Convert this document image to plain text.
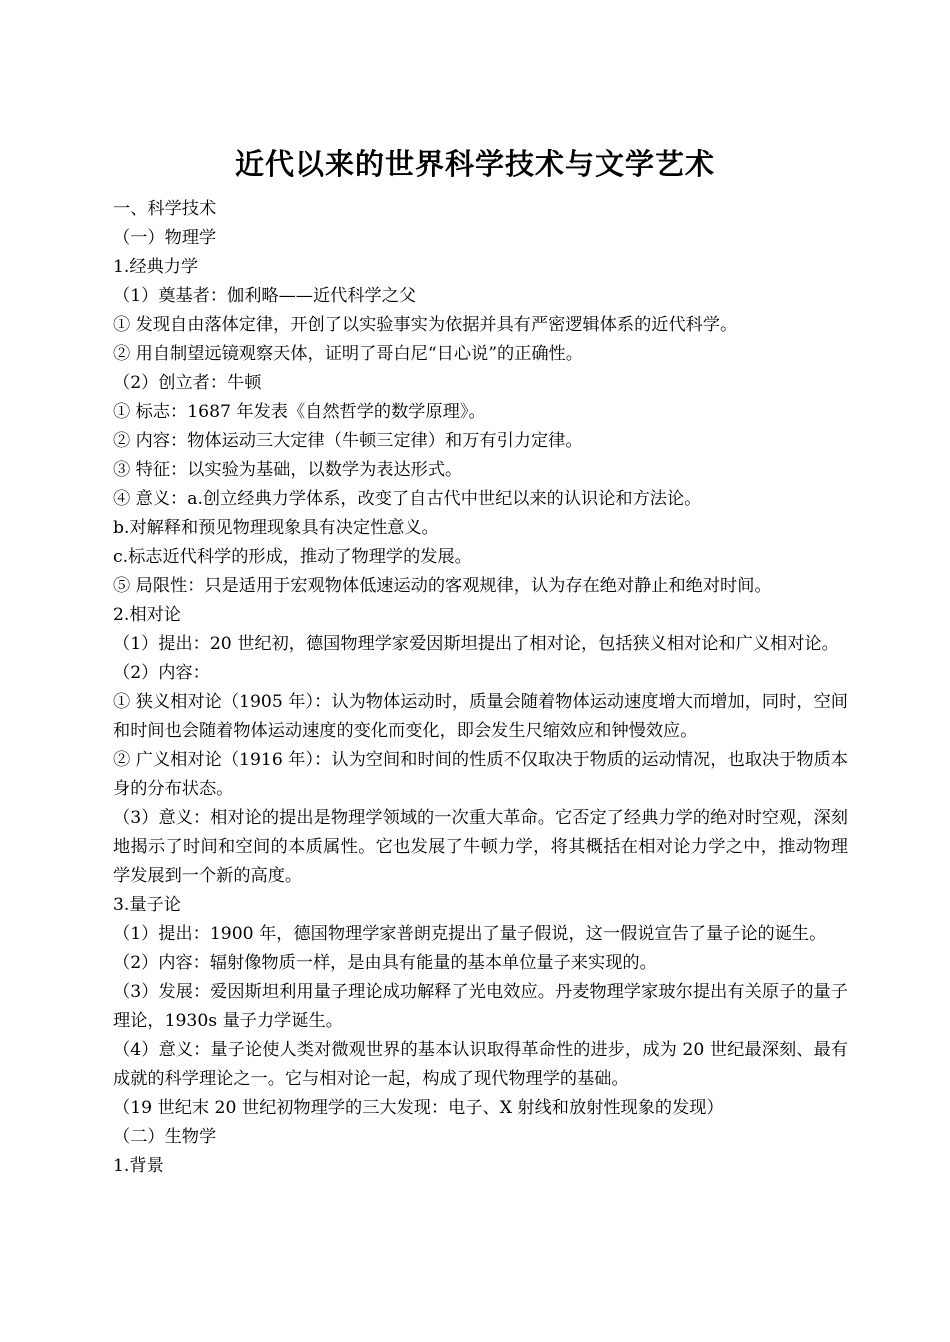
近代以来的世界科学技术与文学艺术

一、科学技术

（一）物理学

1.经典力学

（1）奠基者：伽利略——近代科学之父

① 发现自由落体定律，开创了以实验事实为依据并具有严密逻辑体系的近代科学。

② 用自制望远镜观察天体，证明了哥白尼“日心说”的正确性。

（2）创立者：牛顿

① 标志：1687 年发表《自然哲学的数学原理》。

② 内容：物体运动三大定律（牛顿三定律）和万有引力定律。

③ 特征：以实验为基础，以数学为表达形式。

④ 意义：a.创立经典力学体系，改变了自古代中世纪以来的认识论和方法论。

b.对解释和预见物理现象具有决定性意义。

c.标志近代科学的形成，推动了物理学的发展。

⑤ 局限性：只是适用于宏观物体低速运动的客观规律，认为存在绝对静止和绝对时间。

2.相对论

（1）提出：20 世纪初，德国物理学家爱因斯坦提出了相对论，包括狭义相对论和广义相对论。

（2）内容：

① 狭义相对论（1905 年）：认为物体运动时，质量会随着物体运动速度增大而增加，同时，空间和时间也会随着物体运动速度的变化而变化，即会发生尺缩效应和钟慢效应。

② 广义相对论（1916 年）：认为空间和时间的性质不仅取决于物质的运动情况，也取决于物质本身的分布状态。

（3）意义：相对论的提出是物理学领域的一次重大革命。它否定了经典力学的绝对时空观，深刻地揭示了时间和空间的本质属性。它也发展了牛顿力学，将其概括在相对论力学之中，推动物理学发展到一个新的高度。

3.量子论

（1）提出：1900 年，德国物理学家普朗克提出了量子假说，这一假说宣告了量子论的诞生。

（2）内容：辐射像物质一样，是由具有能量的基本单位量子来实现的。

（3）发展：爱因斯坦利用量子理论成功解释了光电效应。丹麦物理学家玻尔提出有关原子的量子理论，1930s 量子力学诞生。

（4）意义：量子论使人类对微观世界的基本认识取得革命性的进步，成为 20 世纪最深刻、最有成就的科学理论之一。它与相对论一起，构成了现代物理学的基础。

（19 世纪末 20 世纪初物理学的三大发现：电子、X 射线和放射性现象的发现）

（二）生物学

1.背景
